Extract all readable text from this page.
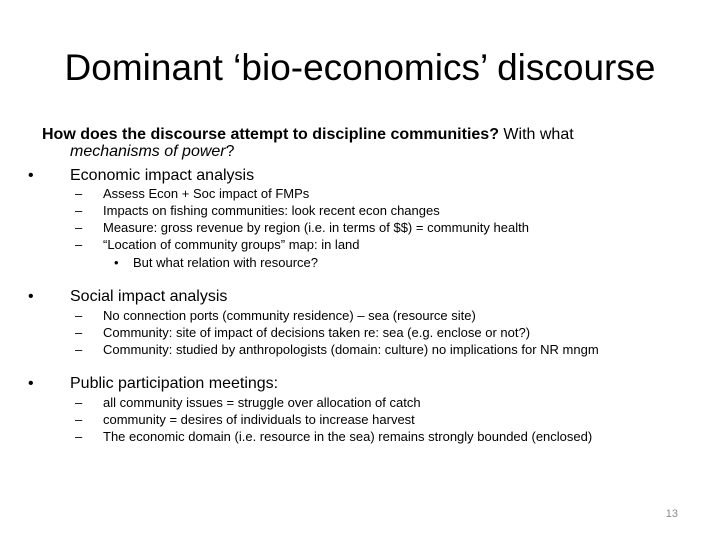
Dominant ‘bio-economics’ discourse
How does the discourse attempt to discipline communities? With what
mechanisms of power?
• Economic impact analysis
– Assess Econ + Soc impact of FMPs
– Impacts on fishing communities: look recent econ changes
– Measure: gross revenue by region (i.e. in terms of $$) = community health
– “Location of community groups” map: in land
• But what relation with resource?
• Social impact analysis
– No connection ports (community residence) – sea (resource site)
– Community: site of impact of decisions taken re: sea (e.g. enclose or not?)
– Community: studied by anthropologists (domain: culture) no implications for NR mngm
• Public participation meetings:
– all community issues = struggle over allocation of catch
– community = desires of individuals to increase harvest
– The economic domain (i.e. resource in the sea) remains strongly bounded (enclosed)
13
